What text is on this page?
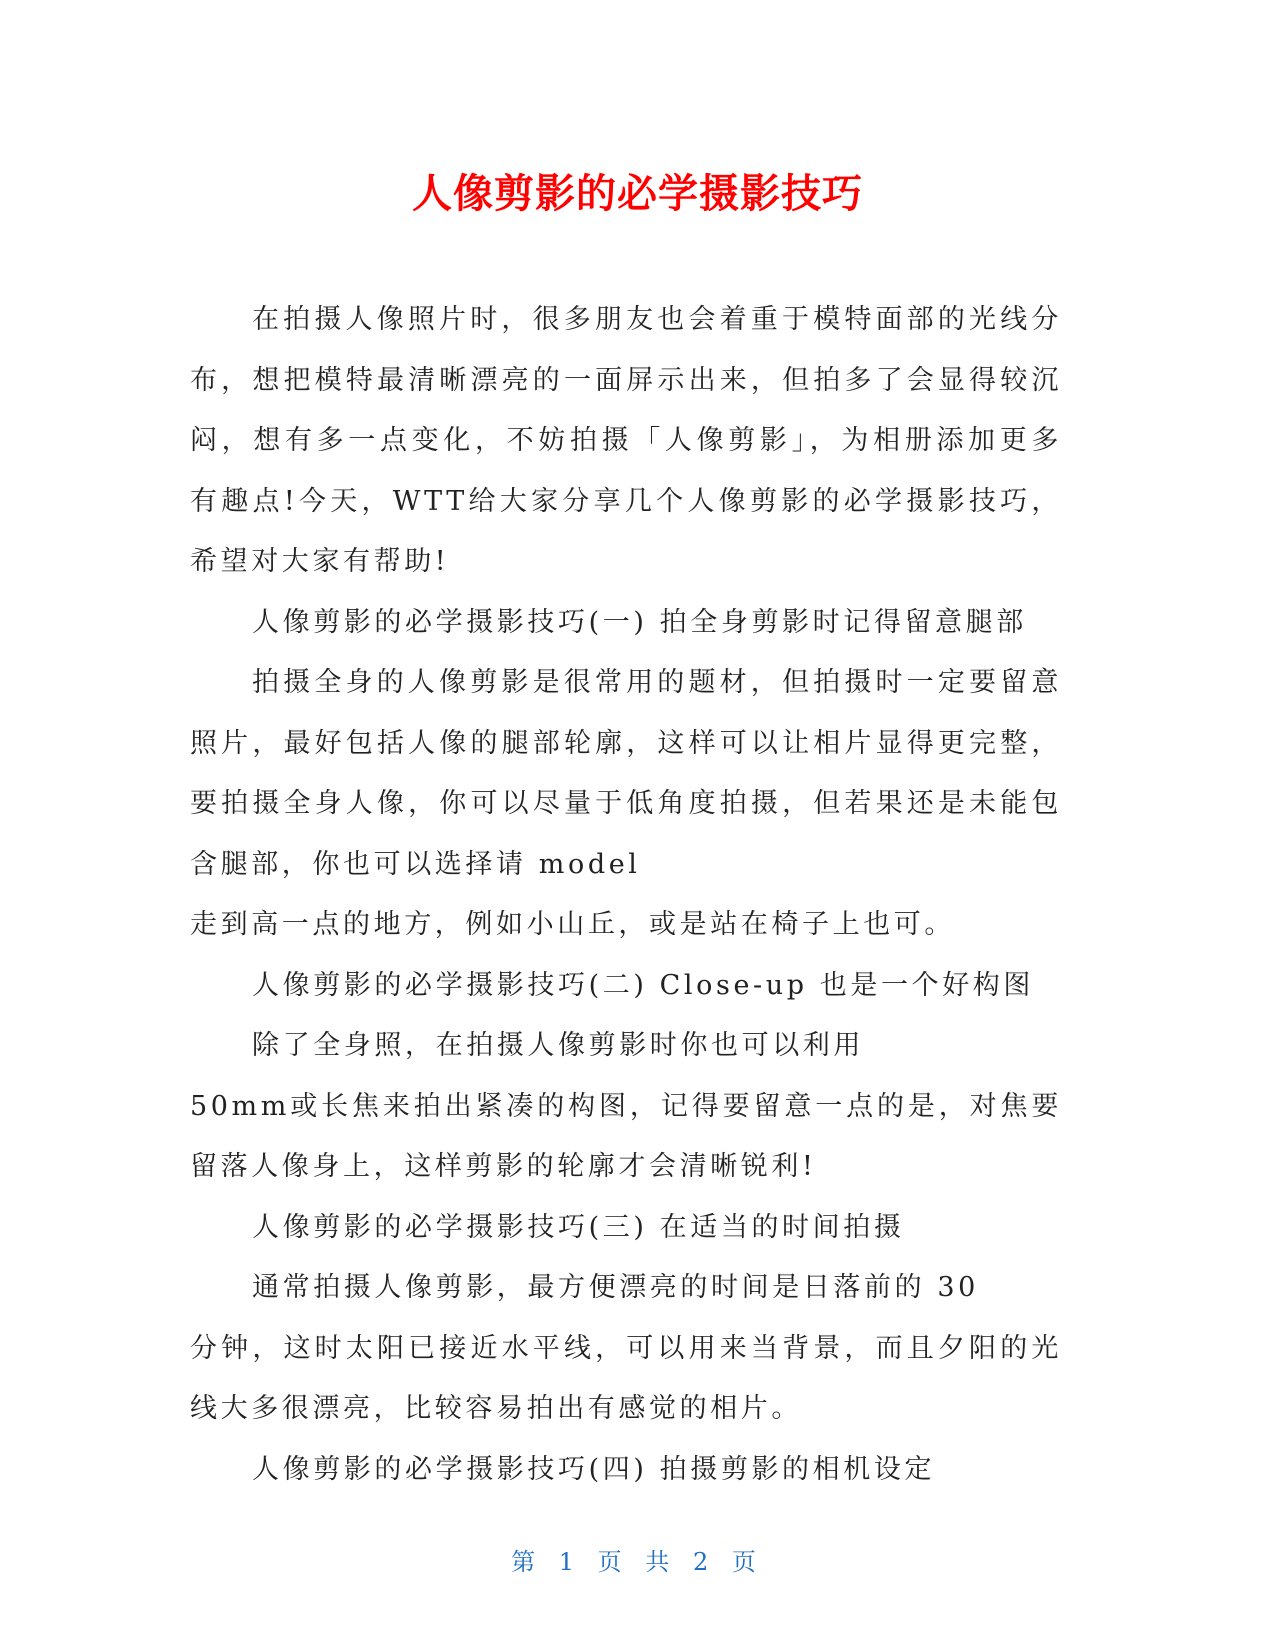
人像剪影的必学摄影技巧

在拍摄人像照片时，很多朋友也会着重于模特面部的光线分布，想把模特最清晰漂亮的一面屏示出来，但拍多了会显得较沉闷，想有多一点变化，不妨拍摄「人像剪影」，为相册添加更多有趣点!今天，WTT给大家分享几个人像剪影的必学摄影技巧，希望对大家有帮助!

人像剪影的必学摄影技巧(一) 拍全身剪影时记得留意腿部

拍摄全身的人像剪影是很常用的题材，但拍摄时一定要留意照片，最好包括人像的腿部轮廓，这样可以让相片显得更完整，要拍摄全身人像，你可以尽量于低角度拍摄，但若果还是未能包含腿部，你也可以选择请 model

走到高一点的地方，例如小山丘，或是站在椅子上也可。

人像剪影的必学摄影技巧(二) Close-up 也是一个好构图

除了全身照，在拍摄人像剪影时你也可以利用

50mm或长焦来拍出紧凑的构图，记得要留意一点的是，对焦要留落人像身上，这样剪影的轮廓才会清晰锐利!

人像剪影的必学摄影技巧(三) 在适当的时间拍摄

通常拍摄人像剪影，最方便漂亮的时间是日落前的 30

分钟，这时太阳已接近水平线，可以用来当背景，而且夕阳的光线大多很漂亮，比较容易拍出有感觉的相片。

人像剪影的必学摄影技巧(四) 拍摄剪影的相机设定

第 1 页 共 2 页
